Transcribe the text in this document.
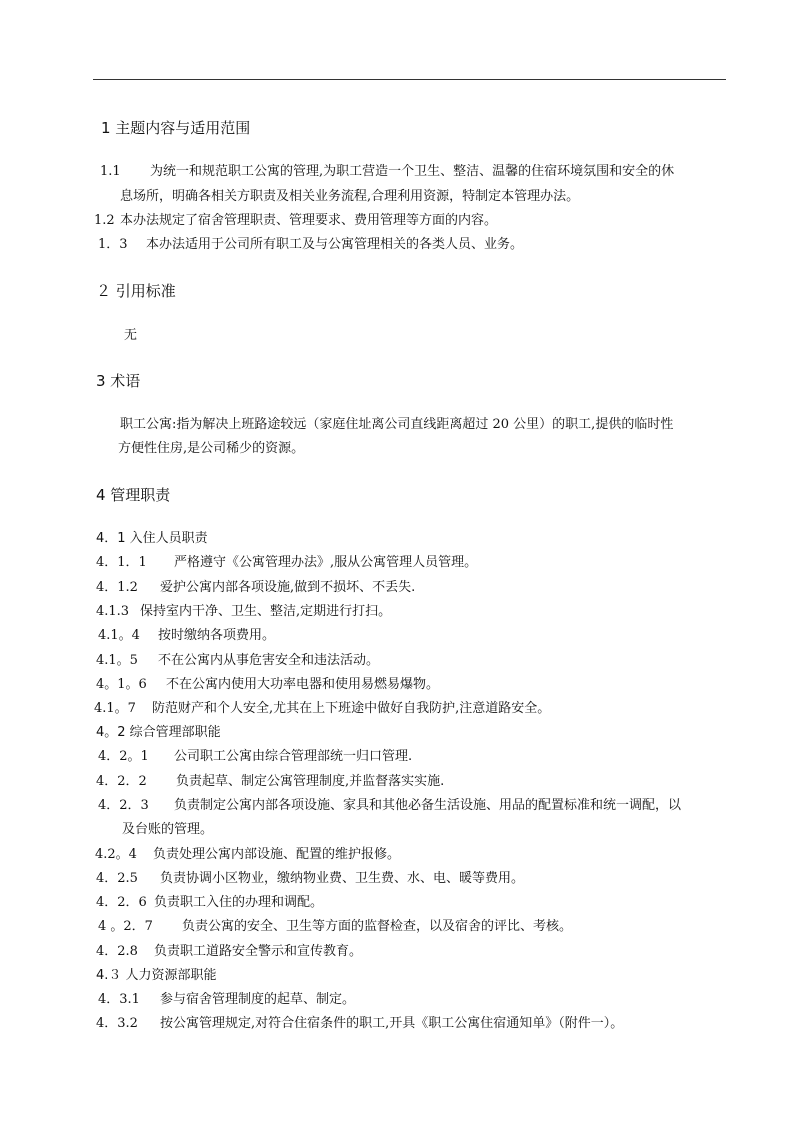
1 主题内容与适用范围
1.1 为统一和规范职工公寓的管理,为职工营造一个卫生、整洁、温馨的住宿环境氛围和安全的休
息场所，明确各相关方职责及相关业务流程,合理利用资源，特制定本管理办法。
1.2 本办法规定了宿舍管理职责、管理要求、费用管理等方面的内容。
1．3 本办法适用于公司所有职工及与公寓管理相关的各类人员、业务。
２ 引用标准
无
3 术语
职工公寓:指为解决上班路途较远（家庭住址离公司直线距离超过 20 公里）的职工,提供的临时性
方便性住房,是公司稀少的资源。
4 管理职责
4．1 入住人员职责
4．1．1 严格遵守《公寓管理办法》,服从公寓管理人员管理。
4．1.2 爱护公寓内部各项设施,做到不损坏、不丢失.
4.1.3 保持室内干净、卫生、整洁,定期进行打扫。
4.1。4 按时缴纳各项费用。
4.1。5 不在公寓内从事危害安全和违法活动。
4。1。6 不在公寓内使用大功率电器和使用易燃易爆物。
4.1。7 防范财产和个人安全,尤其在上下班途中做好自我防护,注意道路安全。
4。2 综合管理部职能
4．2。1 公司职工公寓由综合管理部统一归口管理.
4．2．2 负责起草、制定公寓管理制度,并监督落实实施.
4．2．3 负责制定公寓内部各项设施、家具和其他必备生活设施、用品的配置标准和统一调配，以
及台账的管理。
4.2。4 负责处理公寓内部设施、配置的维护报修。
4．2.5 负责协调小区物业，缴纳物业费、卫生费、水、电、暖等费用。
4．2．6 负责职工入住的办理和调配。
4 。2．7 负责公寓的安全、卫生等方面的监督检查，以及宿舍的评比、考核。
4．2.8 负责职工道路安全警示和宣传教育。
4.３ 人力资源部职能
4．3.1 参与宿舍管理制度的起草、制定。
4．3.2 按公寓管理规定,对符合住宿条件的职工,开具《职工公寓住宿通知单》（附件一）。
